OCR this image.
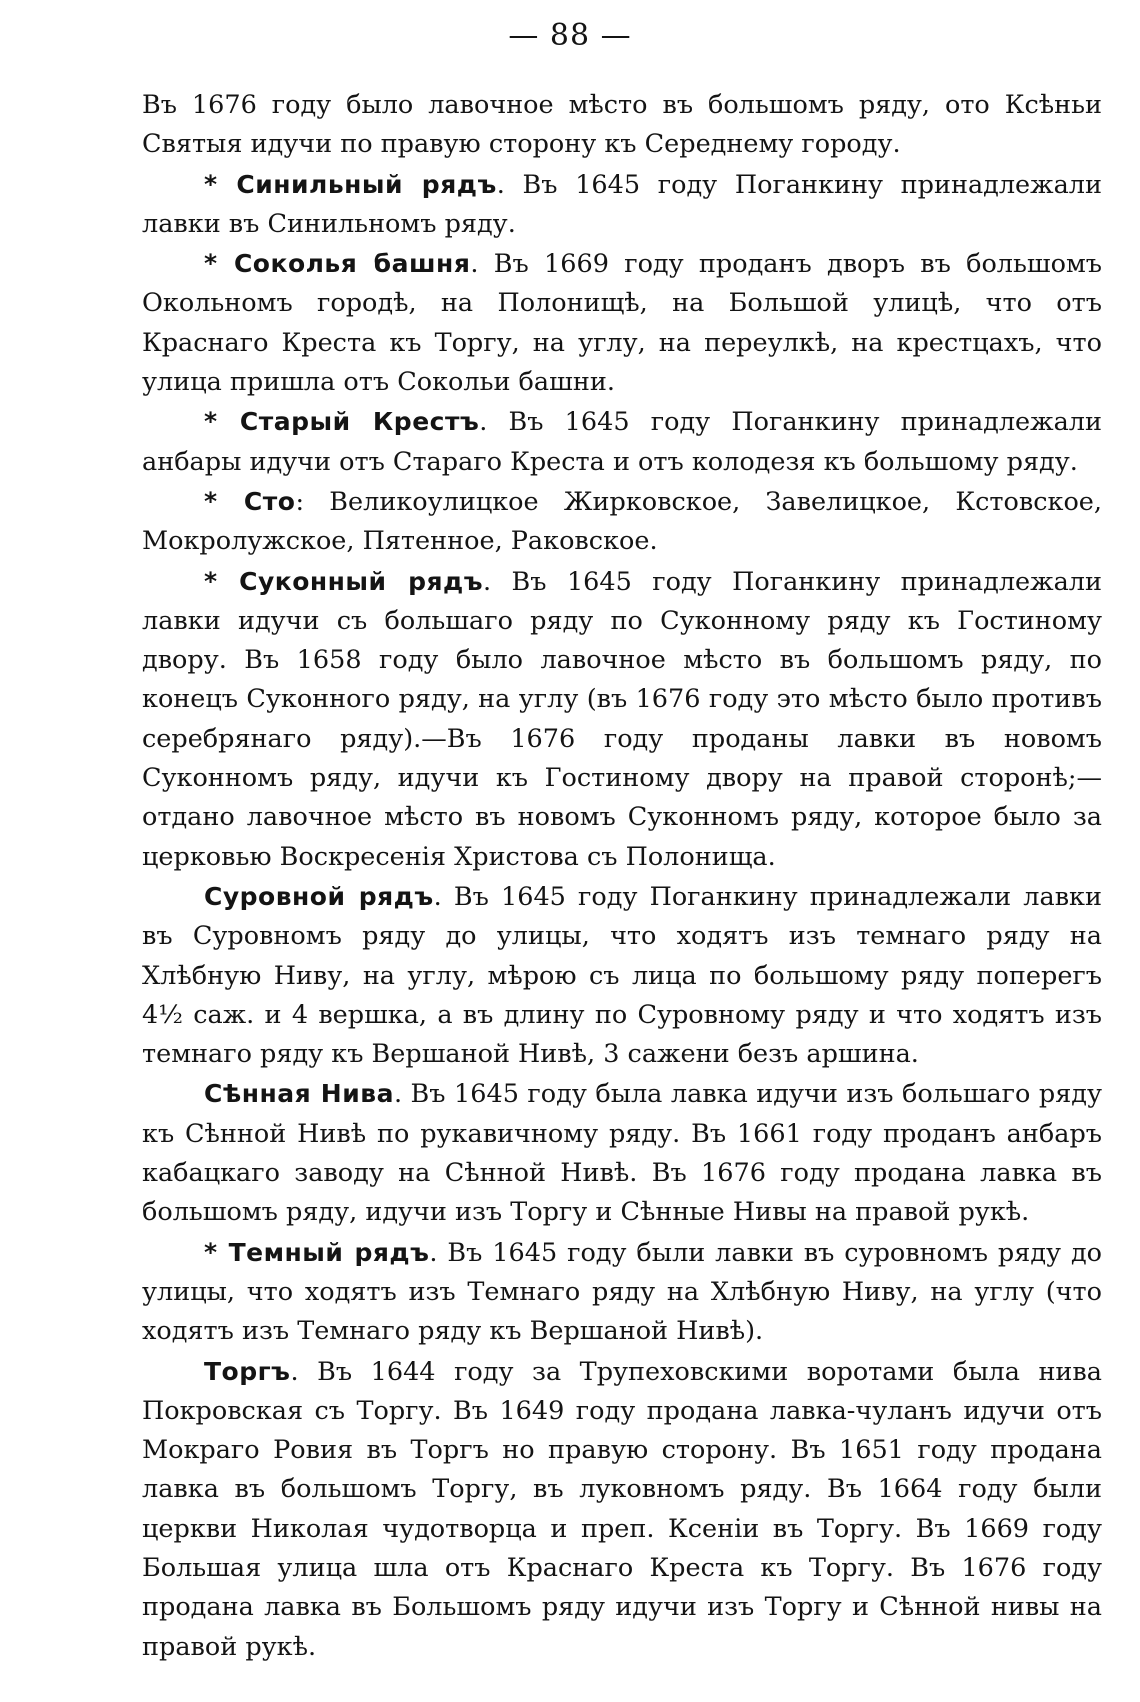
— 88 —

Въ 1676 году было лавочное мѣсто въ большомъ ряду, ото Ксѣньи Святыя идучи по правую сторону къ Середнему городу.

* Синильный рядъ. Въ 1645 году Поганкину принадлежали лавки въ Синильномъ ряду.

* Соколья башня. Въ 1669 году проданъ дворъ въ большомъ Окольномъ городѣ, на Полонищѣ, на Большой улицѣ, что отъ Краснаго Креста къ Торгу, на углу, на переулкѣ, на крестцахъ, что улица пришла отъ Сокольи башни.

* Старый Крестъ. Въ 1645 году Поганкину принадлежали анбары идучи отъ Стараго Креста и отъ колодезя къ большому ряду.

* Сто: Великоулицкое Жирковское, Завелицкое, Кстовское, Мокролужское, Пятенное, Раковское.

* Суконный рядъ. Въ 1645 году Поганкину принадлежали лавки идучи съ большаго ряду по Суконному ряду къ Гостиному двору. Въ 1658 году было лавочное мѣсто въ большомъ ряду, по конецъ Суконного ряду, на углу (въ 1676 году это мѣсто было противъ серебрянаго ряду).—Въ 1676 году проданы лавки въ новомъ Суконномъ ряду, идучи къ Гостиному двору на правой сторонѣ;—отдано лавочное мѣсто въ новомъ Суконномъ ряду, которое было за церковью Воскресенія Христова съ Полонища.

Суровной рядъ. Въ 1645 году Поганкину принадлежали лавки въ Суровномъ ряду до улицы, что ходятъ изъ темнаго ряду на Хлѣбную Ниву, на углу, мѣрою съ лица по большому ряду поперегъ 4½ саж. и 4 вершка, а въ длину по Суровному ряду и что ходятъ изъ темнаго ряду къ Вершаной Нивѣ, 3 сажени безъ аршина.

Сѣнная Нива. Въ 1645 году была лавка идучи изъ большаго ряду къ Сѣнной Нивѣ по рукавичному ряду. Въ 1661 году проданъ анбаръ кабацкаго заводу на Сѣнной Нивѣ. Въ 1676 году продана лавка въ большомъ ряду, идучи изъ Торгу и Сѣнные Нивы на правой рукѣ.

* Темный рядъ. Въ 1645 году были лавки въ суровномъ ряду до улицы, что ходятъ изъ Темнаго ряду на Хлѣбную Ниву, на углу (что ходятъ изъ Темнаго ряду къ Вершаной Нивѣ).

Торгъ. Въ 1644 году за Трупеховскими воротами была нива Покровская съ Торгу. Въ 1649 году продана лавка-чуланъ идучи отъ Мокраго Ровия въ Торгъ но правую сторону. Въ 1651 году продана лавка въ большомъ Торгу, въ луковномъ ряду. Въ 1664 году были церкви Николая чудотворца и преп. Ксеніи въ Торгу. Въ 1669 году Большая улица шла отъ Краснаго Креста къ Торгу. Въ 1676 году продана лавка въ Большомъ ряду идучи изъ Торгу и Сѣнной нивы на правой рукѣ.
